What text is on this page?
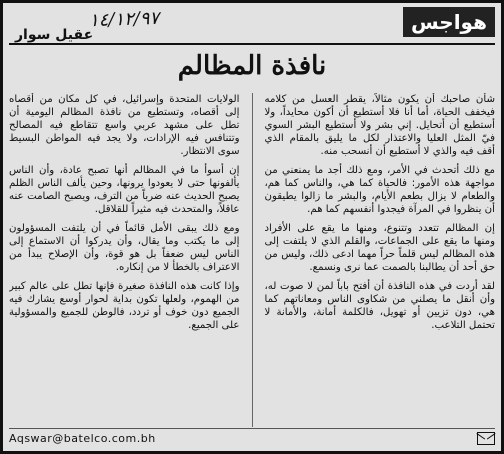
١٤/١٢/٩٧
عقيل سوار
هواجس
نافذة المظالم

الولايات المتحدة وإسرائيل، في كل مكان من أقصاه إلى أقصاه، وتستطيع من نافذة المظالم اليومية أن تطل على مشهد عربي واسع تتقاطع فيه المصالح وتتنافس فيه الإرادات، ولا يجد فيه المواطن البسيط سوى الانتظار.

إن أسوأ ما في المظالم أنها تصبح عادة، وأن الناس يألفونها حتى لا يعودوا يرونها، وحين يألف الناس الظلم يصبح الحديث عنه ضرباً من الترف، ويصبح الصامت عنه عاقلاً، والمتحدث فيه مثيراً للقلاقل.

ومع ذلك يبقى الأمل قائماً في أن يلتفت المسؤولون إلى ما يكتب وما يقال، وأن يدركوا أن الاستماع إلى الناس ليس ضعفاً بل هو قوة، وأن الإصلاح يبدأ من الاعتراف بالخطأ لا من إنكاره.

وإذا كانت هذه النافذة صغيرة فإنها تطل على عالم كبير من الهموم، ولعلها تكون بداية لحوار أوسع يشارك فيه الجميع دون خوف أو تردد، فالوطن للجميع والمسؤولية على الجميع.

شأن صاحبك أن يكون مثالاً، يقطر العسل من كلامه فيخفف الحياة، أما أنا فلا أستطيع أن أكون محايداً، ولا أستطيع أن أتحايل. إني بشر ولا أستطيع البشر السوي فيّ المثل العليا والاعتذار لكل ما يليق بالمقام الذي أقف فيه والذي لا أستطيع أن أنسحب منه.

مع ذلك أتحدث في الأمر، ومع ذلك أجد ما يمنعني من مواجهة هذه الأمور: فالحياة كما هي، والناس كما هم، والطعام لا يزال بطعم الأيام، والبشر ما زالوا يطيقون أن ينظروا في المرآة فيجدوا أنفسهم كما هم.

إن المظالم تتعدد وتتنوع، ومنها ما يقع على الأفراد ومنها ما يقع على الجماعات، والقلم الذي لا يلتفت إلى هذه المظالم ليس قلماً حراً مهما ادعى ذلك، وليس من حق أحد أن يطالبنا بالصمت عما نرى ونسمع.

لقد أردت في هذه النافذة أن أفتح باباً لمن لا صوت له، وأن أنقل ما يصلني من شكاوى الناس ومعاناتهم كما هي، دون تزيين أو تهويل، فالكلمة أمانة، والأمانة لا تحتمل التلاعب.

Aqswar@batelco.com.bh
